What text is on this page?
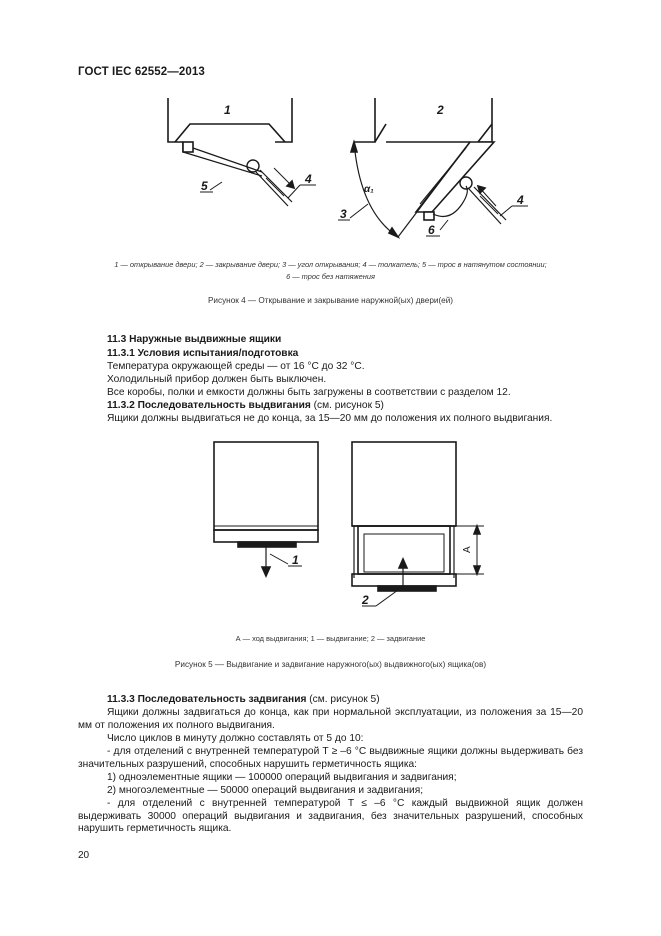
ГОСТ IEC 62552—2013
1	2
5	4
3
α₁
6
4
1 — открывание двери; 2 — закрывание двери; 3 — угол открывания; 4 — толкатель; 5 — трос в натянутом состоянии;
6 — трос без натяжения
Рисунок 4 — Открывание и закрывание наружной(ых) двери(ей)
11.3 Наружные выдвижные ящики
11.3.1 Условия испытания/подготовка
Температура окружающей среды — от 16 °С до 32 °С.
Холодильный прибор должен быть выключен.
Все коробы, полки и емкости должны быть загружены в соответствии с разделом 12.
11.3.2 Последовательность выдвигания (см. рисунок 5)
Ящики должны выдвигаться не до конца, за 15—20 мм до положения их полного выдвигания.
1
2
А
А — ход выдвигания; 1 — выдвигание; 2 — задвигание
Рисунок 5 –– Выдвигание и задвигание наружного(ых) выдвижного(ых) ящика(ов)
11.3.3 Последовательность задвигания (см. рисунок 5)
Ящики должны задвигаться до конца, как при нормальной эксплуатации, из положения за 15—20 мм от положения их полного выдвигания.
Число циклов в минуту должно составлять от 5 до 10:
- для отделений с внутренней температурой T ≥ –6 °С выдвижные ящики должны выдерживать без значительных разрушений, способных нарушить герметичность ящика:
1) одноэлементные ящики — 100000 операций выдвигания и задвигания;
2) многоэлементные — 50000 операций выдвигания и задвигания;
- для отделений с внутренней температурой T ≤ –6 °С каждый выдвижной ящик должен выдерживать 30000 операций выдвигания и задвигания, без значительных разрушений, способных нарушить герметичность ящика.
20
